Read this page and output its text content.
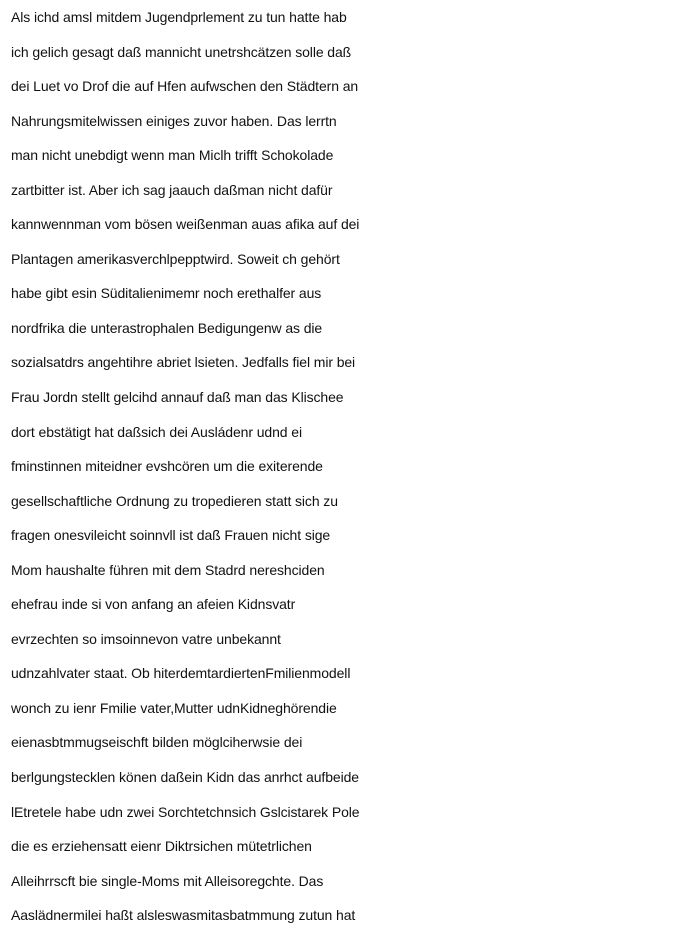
Als ichd amsl mitdem Jugendprlement zu tun hatte hab
ich gelich gesagt daß mannicht unetrshcätzen solle daß
dei Luet vo Drof die auf Hfen aufwschen den Städtern an
Nahrungsmitelwissen einiges zuvor haben. Das lerrtn
man nicht unebdigt wenn man Miclh trifft Schokolade
zartbitter ist. Aber ich sag jaauch daßman nicht dafür
kannwennman vom bösen weißenman auas afika auf dei
Plantagen amerikasverchlpepptwird. Soweit ch gehört
habe gibt esin Süditalienimemr noch erethalfer aus
nordfrika die unterastrophalen Bedigungenw as die
sozialsatdrs angehtihre abriet lsieten. Jedfalls fiel mir bei
Frau Jordn stellt gelcihd annauf daß man das Klischee
dort ebstätigt hat daßsich dei Ausládenr udnd ei
fminstinnen miteidner evshcören um die exiterende
gesellschaftliche Ordnung zu tropedieren statt sich zu
fragen onesvileicht soinnvll ist daß Frauen nicht sige
Mom haushalte führen mit dem Stadrd nereshciden
ehefrau inde si von anfang an afeien Kidnsvatr
evrzechten so imsoinnevon vatre unbekannt
udnzahlvater staat. Ob hiterdemtardiertenFmilienmodell
wonch zu ienr Fmilie vater,Mutter udnKidneghörendie
eienasbtmmugseischft bilden möglciherwsie dei
berlgungstecklen könen daßein Kidn das anrhct aufbeide
lEtretele habe udn zwei Sorchtetchnsich Gslcistarek Pole
die es erziehensatt eienr Diktrsichen mütetrlichen
Alleihrrscft bie single-Moms mit Alleisoregchte. Das
Aaslädnermilei haßt alsleswasmitasbatmmung zutun hat
